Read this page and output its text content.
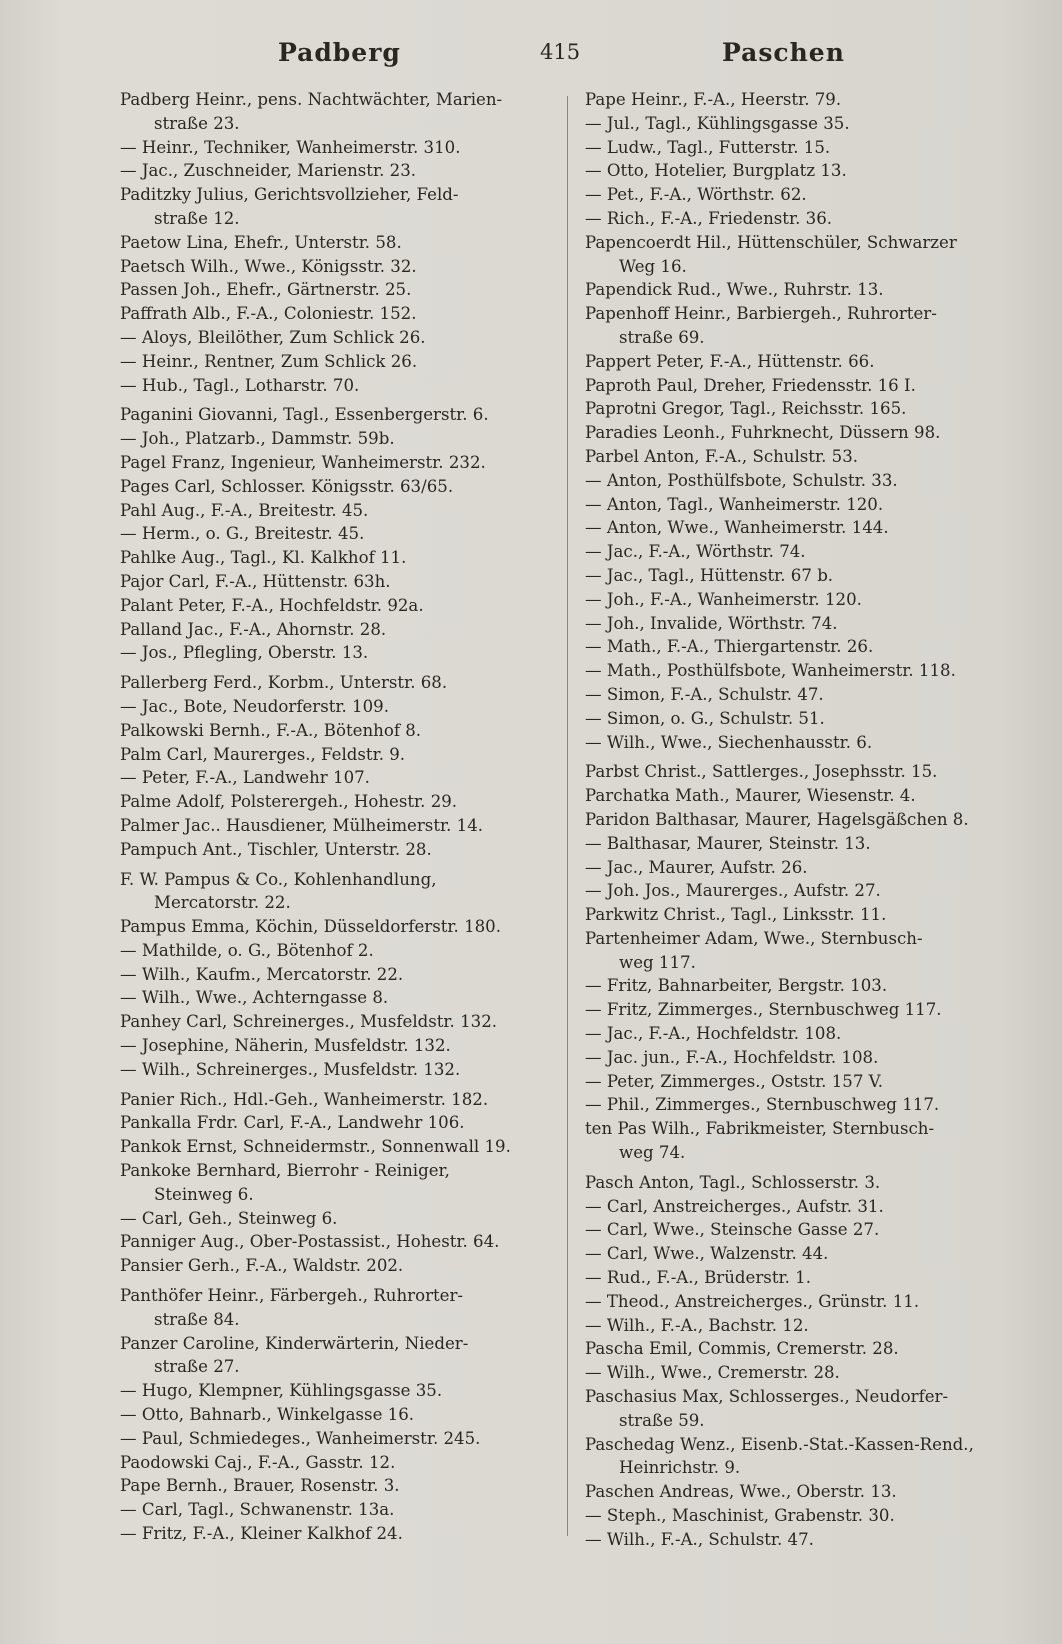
Padberg	415	Paschen
Padberg Heinr., pens. Nachtwächter, Marien-
straße 23.
— Heinr., Techniker, Wanheimerstr. 310.
— Jac., Zuschneider, Marienstr. 23.
Paditzky Julius, Gerichtsvollzieher, Feld-
straße 12.
Paetow Lina, Ehefr., Unterstr. 58.
Paetsch Wilh., Wwe., Königsstr. 32.
Passen Joh., Ehefr., Gärtnerstr. 25.
Paffrath Alb., F.-A., Coloniestr. 152.
— Aloys, Bleilöther, Zum Schlick 26.
— Heinr., Rentner, Zum Schlick 26.
— Hub., Tagl., Lotharstr. 70.
Paganini Giovanni, Tagl., Essenbergerstr. 6.
— Joh., Platzarb., Dammstr. 59b.
Pagel Franz, Ingenieur, Wanheimerstr. 232.
Pages Carl, Schlosser. Königsstr. 63/65.
Pahl Aug., F.-A., Breitestr. 45.
— Herm., o. G., Breitestr. 45.
Pahlke Aug., Tagl., Kl. Kalkhof 11.
Pajor Carl, F.-A., Hüttenstr. 63h.
Palant Peter, F.-A., Hochfeldstr. 92a.
Palland Jac., F.-A., Ahornstr. 28.
— Jos., Pflegling, Oberstr. 13.
Pallerberg Ferd., Korbm., Unterstr. 68.
— Jac., Bote, Neudorferstr. 109.
Palkowski Bernh., F.-A., Bötenhof 8.
Palm Carl, Maurerges., Feldstr. 9.
— Peter, F.-A., Landwehr 107.
Palme Adolf, Polsterergeh., Hohestr. 29.
Palmer Jac.. Hausdiener, Mülheimerstr. 14.
Pampuch Ant., Tischler, Unterstr. 28.
F. W. Pampus & Co., Kohlenhandlung,
Mercatorstr. 22.
Pampus Emma, Köchin, Düsseldorferstr. 180.
— Mathilde, o. G., Bötenhof 2.
— Wilh., Kaufm., Mercatorstr. 22.
— Wilh., Wwe., Achterngasse 8.
Panhey Carl, Schreinerges., Musfeldstr. 132.
— Josephine, Näherin, Musfeldstr. 132.
— Wilh., Schreinerges., Musfeldstr. 132.
Panier Rich., Hdl.-Geh., Wanheimerstr. 182.
Pankalla Frdr. Carl, F.-A., Landwehr 106.
Pankok Ernst, Schneidermstr., Sonnenwall 19.
Pankoke Bernhard, Bierrohr - Reiniger,
Steinweg 6.
— Carl, Geh., Steinweg 6.
Panniger Aug., Ober-Postassist., Hohestr. 64.
Pansier Gerh., F.-A., Waldstr. 202.
Panthöfer Heinr., Färbergeh., Ruhrorter-
straße 84.
Panzer Caroline, Kinderwärterin, Nieder-
straße 27.
— Hugo, Klempner, Kühlingsgasse 35.
— Otto, Bahnarb., Winkelgasse 16.
— Paul, Schmiedeges., Wanheimerstr. 245.
Paodowski Caj., F.-A., Gasstr. 12.
Pape Bernh., Brauer, Rosenstr. 3.
— Carl, Tagl., Schwanenstr. 13a.
— Fritz, F.-A., Kleiner Kalkhof 24.
Pape Heinr., F.-A., Heerstr. 79.
— Jul., Tagl., Kühlingsgasse 35.
— Ludw., Tagl., Futterstr. 15.
— Otto, Hotelier, Burgplatz 13.
— Pet., F.-A., Wörthstr. 62.
— Rich., F.-A., Friedenstr. 36.
Papencoerdt Hil., Hüttenschüler, Schwarzer
Weg 16.
Papendick Rud., Wwe., Ruhrstr. 13.
Papenhoff Heinr., Barbiergeh., Ruhrorter-
straße 69.
Pappert Peter, F.-A., Hüttenstr. 66.
Paproth Paul, Dreher, Friedensstr. 16 I.
Paprotni Gregor, Tagl., Reichsstr. 165.
Paradies Leonh., Fuhrknecht, Düssern 98.
Parbel Anton, F.-A., Schulstr. 53.
— Anton, Posthülfsbote, Schulstr. 33.
— Anton, Tagl., Wanheimerstr. 120.
— Anton, Wwe., Wanheimerstr. 144.
— Jac., F.-A., Wörthstr. 74.
— Jac., Tagl., Hüttenstr. 67 b.
— Joh., F.-A., Wanheimerstr. 120.
— Joh., Invalide, Wörthstr. 74.
— Math., F.-A., Thiergartenstr. 26.
— Math., Posthülfsbote, Wanheimerstr. 118.
— Simon, F.-A., Schulstr. 47.
— Simon, o. G., Schulstr. 51.
— Wilh., Wwe., Siechenhausstr. 6.
Parbst Christ., Sattlerges., Josephsstr. 15.
Parchatka Math., Maurer, Wiesenstr. 4.
Paridon Balthasar, Maurer, Hagelsgäßchen 8.
— Balthasar, Maurer, Steinstr. 13.
— Jac., Maurer, Aufstr. 26.
— Joh. Jos., Maurerges., Aufstr. 27.
Parkwitz Christ., Tagl., Linksstr. 11.
Partenheimer Adam, Wwe., Sternbusch-
weg 117.
— Fritz, Bahnarbeiter, Bergstr. 103.
— Fritz, Zimmerges., Sternbuschweg 117.
— Jac., F.-A., Hochfeldstr. 108.
— Jac. jun., F.-A., Hochfeldstr. 108.
— Peter, Zimmerges., Oststr. 157 V.
— Phil., Zimmerges., Sternbuschweg 117.
ten Pas Wilh., Fabrikmeister, Sternbusch-
weg 74.
Pasch Anton, Tagl., Schlosserstr. 3.
— Carl, Anstreicherges., Aufstr. 31.
— Carl, Wwe., Steinsche Gasse 27.
— Carl, Wwe., Walzenstr. 44.
— Rud., F.-A., Brüderstr. 1.
— Theod., Anstreicherges., Grünstr. 11.
— Wilh., F.-A., Bachstr. 12.
Pascha Emil, Commis, Cremerstr. 28.
— Wilh., Wwe., Cremerstr. 28.
Paschasius Max, Schlosserges., Neudorfer-
straße 59.
Paschedag Wenz., Eisenb.-Stat.-Kassen-Rend.,
Heinrichstr. 9.
Paschen Andreas, Wwe., Oberstr. 13.
— Steph., Maschinist, Grabenstr. 30.
— Wilh., F.-A., Schulstr. 47.
